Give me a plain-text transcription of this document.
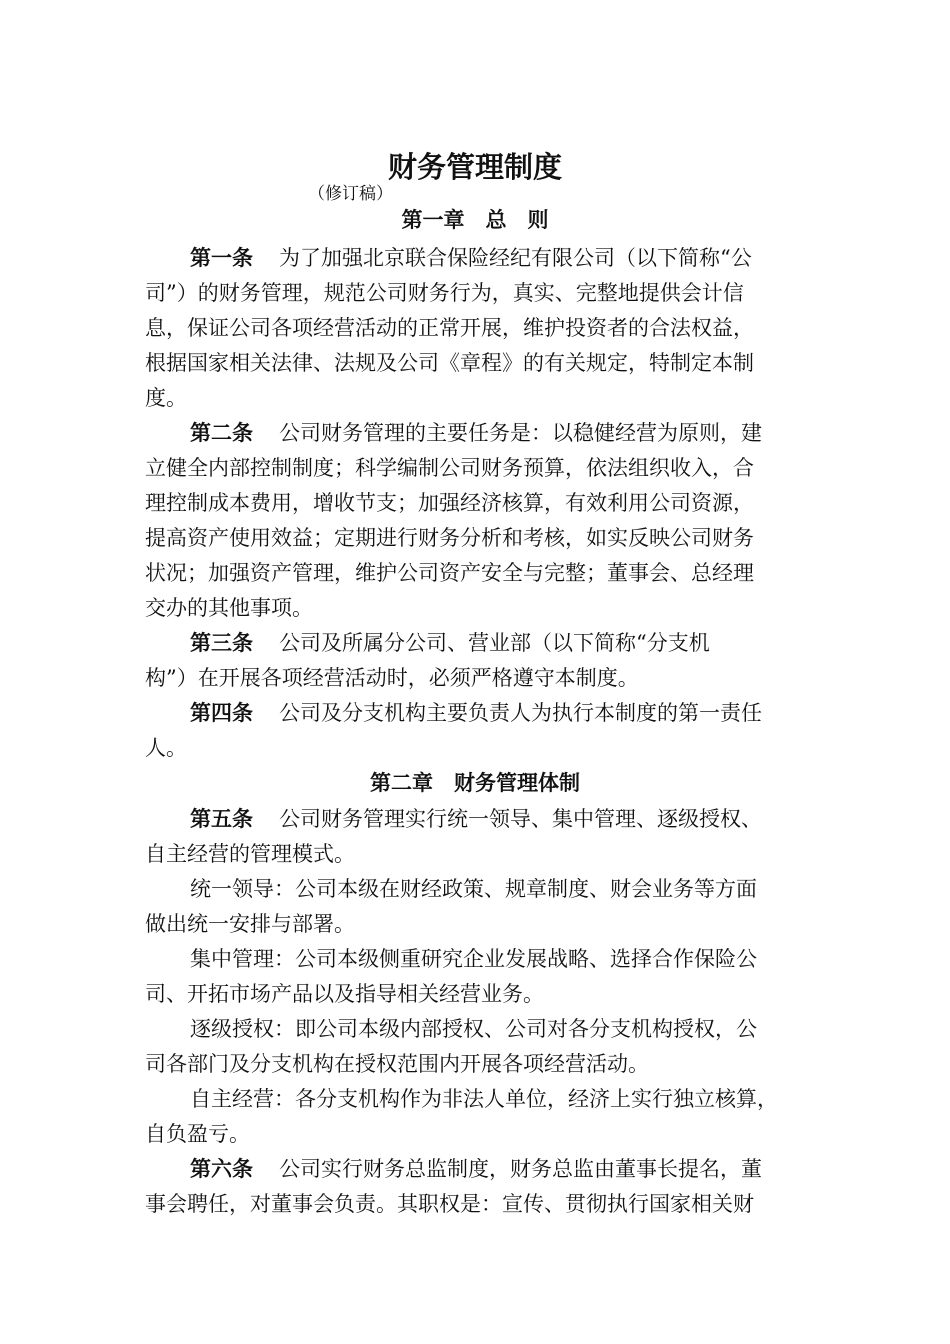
财务管理制度
（修订稿）
第一章　总　则
第一条 为了加强北京联合保险经纪有限公司（以下简称“公
司”）的财务管理，规范公司财务行为，真实、完整地提供会计信
息，保证公司各项经营活动的正常开展，维护投资者的合法权益，
根据国家相关法律、法规及公司《章程》的有关规定，特制定本制
度。
第二条 公司财务管理的主要任务是：以稳健经营为原则，建
立健全内部控制制度；科学编制公司财务预算，依法组织收入，合
理控制成本费用，增收节支；加强经济核算，有效利用公司资源，
提高资产使用效益；定期进行财务分析和考核，如实反映公司财务
状况；加强资产管理，维护公司资产安全与完整；董事会、总经理
交办的其他事项。
第三条 公司及所属分公司、营业部（以下简称“分支机
构”）在开展各项经营活动时，必须严格遵守本制度。
第四条 公司及分支机构主要负责人为执行本制度的第一责任
人。
第二章　财务管理体制
第五条 公司财务管理实行统一领导、集中管理、逐级授权、
自主经营的管理模式。
统一领导：公司本级在财经政策、规章制度、财会业务等方面
做出统一安排与部署。
集中管理：公司本级侧重研究企业发展战略、选择合作保险公
司、开拓市场产品以及指导相关经营业务。
逐级授权：即公司本级内部授权、公司对各分支机构授权，公
司各部门及分支机构在授权范围内开展各项经营活动。
自主经营：各分支机构作为非法人单位，经济上实行独立核算，
自负盈亏。
第六条 公司实行财务总监制度，财务总监由董事长提名，董
事会聘任，对董事会负责。其职权是：宣传、贯彻执行国家相关财
